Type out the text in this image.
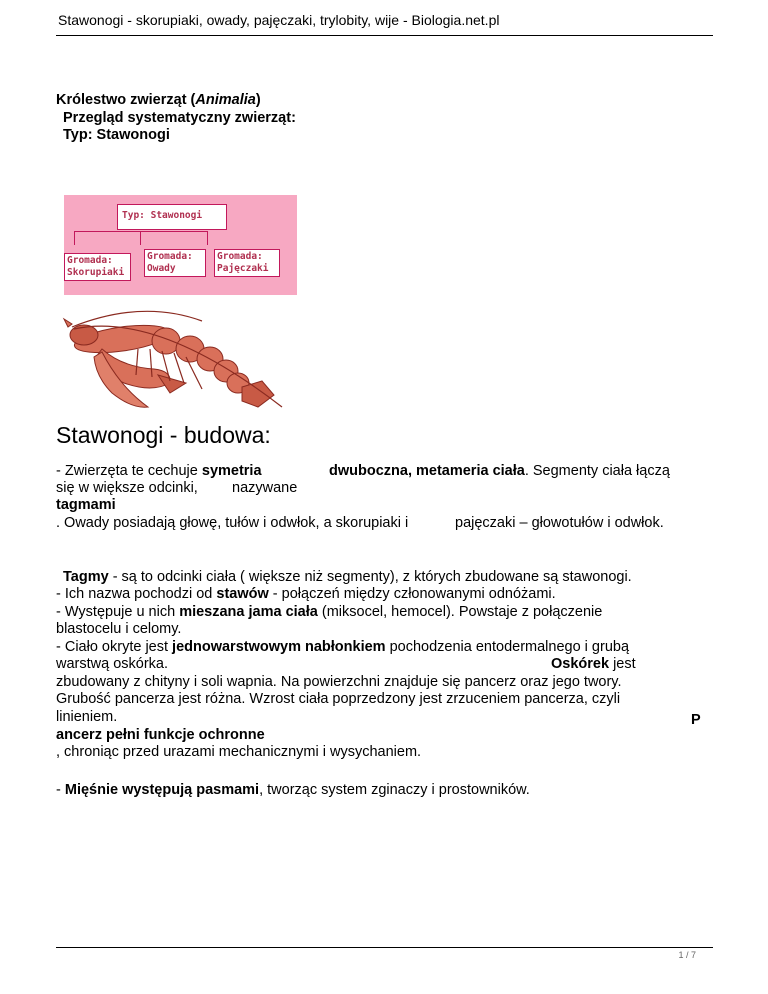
Stawonogi - skorupiaki, owady, pajęczaki, trylobity, wije - Biologia.net.pl
Królestwo zwierząt (Animalia)
Przegląd systematyczny zwierząt:
Typ: Stawonogi
Typ: Stawonogi
Gromada:
Skorupiaki
Gromada:
Owady
Gromada:
Pajęczaki
Stawonogi - budowa:
- Zwierzęta te cechuje symetria	dwuboczna, metameria ciała. Segmenty ciała łączą
się w większe odcinki, nazywane
tagmami
. Owady posiadają głowę, tułów i odwłok, a skorupiaki i	pajęczaki – głowotułów i odwłok.
Tagmy - są to odcinki ciała ( większe niż segmenty), z których zbudowane są stawonogi.
- Ich nazwa pochodzi od stawów - połączeń między członowanymi odnóżami.
- Występuje u nich mieszana jama ciała (miksocel, hemocel). Powstaje z połączenie
blastocelu i celomy.
- Ciało okryte jest jednowarstwowym nabłonkiem pochodzenia entodermalnego i grubą
warstwą oskórka.	Oskórek jest
zbudowany z chityny i soli wapnia. Na powierzchni znajduje się pancerz oraz jego twory.
Grubość pancerza jest różna. Wzrost ciała poprzedzony jest zrzuceniem pancerza, czyli
linieniem.	P
ancerz pełni funkcje ochronne
, chroniąc przed urazami mechanicznymi i wysychaniem.
- Mięśnie występują pasmami, tworząc system zginaczy i prostowników.
1 / 7
